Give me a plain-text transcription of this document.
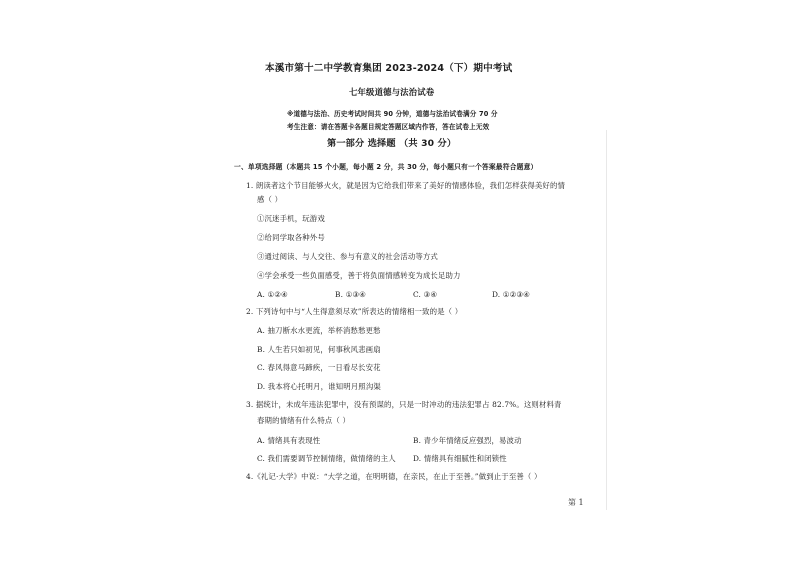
本溪市第十二中学教育集团 2023-2024（下）期中考试
七年级道德与法治试卷
※道德与法治、历史考试时间共 90 分钟，道德与法治试卷满分 70 分
考生注意：请在答题卡各题目规定答题区域内作答，答在试卷上无效
第一部分 选择题 （共 30 分）
一、单项选择题（本题共 15 个小题，每小题 2 分，共 30 分，每小题只有一个答案最符合题意）
1. 朗读者这个节目能够火火，就是因为它给我们带来了美好的情感体验，我们怎样获得美好的情
感（ ）
①沉迷手机，玩游戏
②给同学取各种外号
③通过阅读、与人交往、参与有意义的社会活动等方式
④学会承受一些负面感受，善于将负面情感转变为成长足助力
A. ①②④	B. ①③④	C. ③④	D. ①②③④
2. 下列诗句中与“人生得意须尽欢”所表达的情绪相一致的是（ ）
A. 抽刀断水水更流，举杯消愁愁更愁
B. 人生若只如初见，何事秋风悲画扇
C. 春风得意马蹄疾，一日看尽长安花
D. 我本将心托明月，谁知明月照沟渠
3. 据统计，未成年违法犯罪中，没有预谋的，只是一时冲动的违法犯罪占 82.7%。这则材料青
春期的情绪有什么特点（ ）
A. 情绪具有表现性	B. 青少年情绪反应强烈，易波动
C. 我们需要调节控制情绪，做情绪的主人 D. 情绪具有细腻性和闭锁性
4.《礼记·大学》中说：“大学之道，在明明德，在亲民，在止于至善。”做到止于至善（ ）
第 1
